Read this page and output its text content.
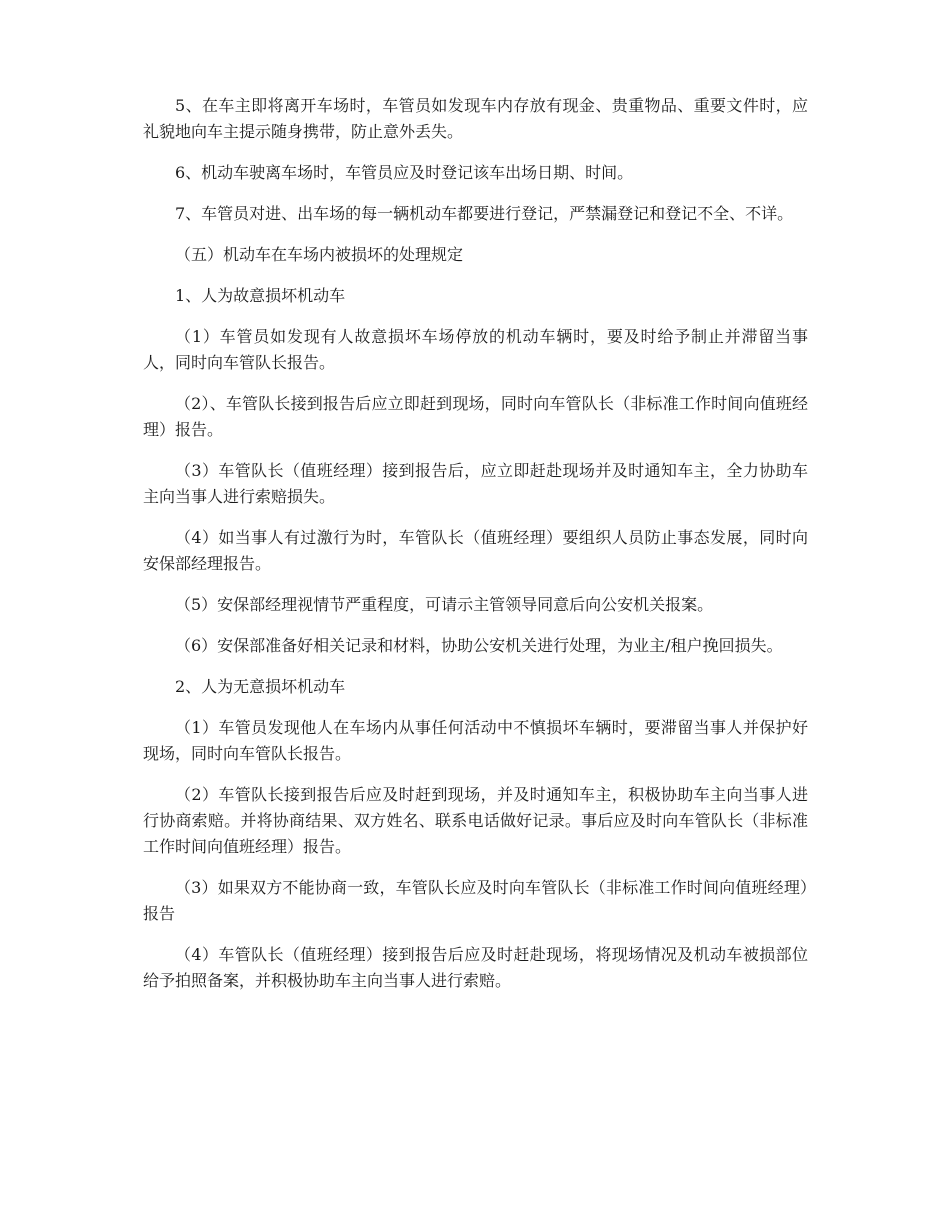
5、在车主即将离开车场时，车管员如发现车内存放有现金、贵重物品、重要文件时，应礼貌地向车主提示随身携带，防止意外丢失。

6、机动车驶离车场时，车管员应及时登记该车出场日期、时间。

7、车管员对进、出车场的每一辆机动车都要进行登记，严禁漏登记和登记不全、不详。

（五）机动车在车场内被损坏的处理规定

1、人为故意损坏机动车

（1）车管员如发现有人故意损坏车场停放的机动车辆时，要及时给予制止并滞留当事人，同时向车管队长报告。

（2）、车管队长接到报告后应立即赶到现场，同时向车管队长（非标准工作时间向值班经理）报告。

（3）车管队长（值班经理）接到报告后，应立即赶赴现场并及时通知车主，全力协助车主向当事人进行索赔损失。

（4）如当事人有过激行为时，车管队长（值班经理）要组织人员防止事态发展，同时向安保部经理报告。

（5）安保部经理视情节严重程度，可请示主管领导同意后向公安机关报案。

（6）安保部准备好相关记录和材料，协助公安机关进行处理，为业主/租户挽回损失。

2、人为无意损坏机动车

（1）车管员发现他人在车场内从事任何活动中不慎损坏车辆时，要滞留当事人并保护好现场，同时向车管队长报告。

（2）车管队长接到报告后应及时赶到现场，并及时通知车主，积极协助车主向当事人进行协商索赔。并将协商结果、双方姓名、联系电话做好记录。事后应及时向车管队长（非标准工作时间向值班经理）报告。

（3）如果双方不能协商一致，车管队长应及时向车管队长（非标准工作时间向值班经理）报告

（4）车管队长（值班经理）接到报告后应及时赶赴现场，将现场情况及机动车被损部位给予拍照备案，并积极协助车主向当事人进行索赔。
